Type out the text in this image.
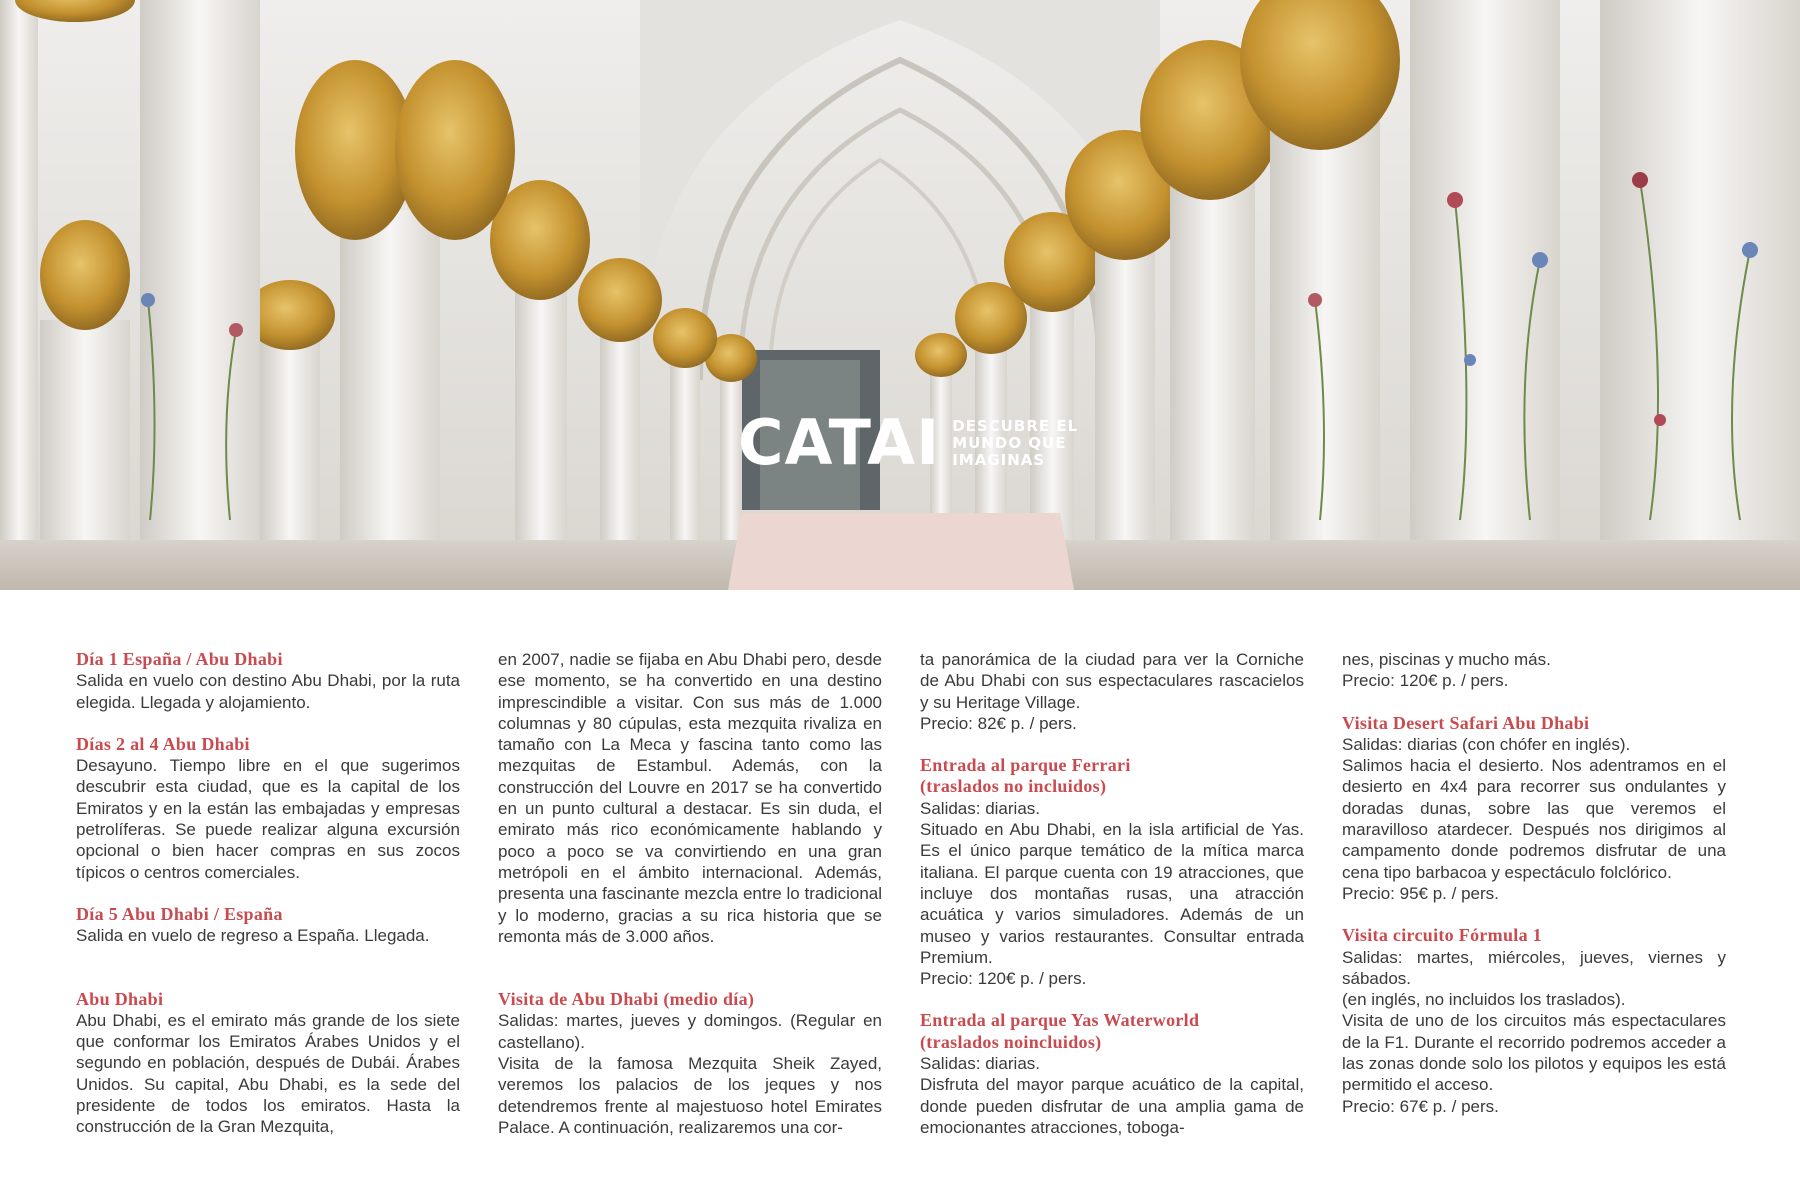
CATAI DESCUBRE EL
MUNDO QUE
IMAGINAS
Día 1 España / Abu Dhabi

Salida en vuelo con destino Abu Dhabi, por la ruta elegida. Llegada y alojamiento.

Días 2 al 4 Abu Dhabi

Desayuno. Tiempo libre en el que sugerimos descubrir esta ciudad, que es la capital de los Emiratos y en la están las embajadas y empresas petrolíferas. Se puede realizar alguna excursión opcional o bien hacer compras en sus zocos típicos o centros comerciales.

Día 5 Abu Dhabi / España

Salida en vuelo de regreso a España. Llegada.

Abu Dhabi

Abu Dhabi, es el emirato más grande de los siete que conformar los Emiratos Árabes Unidos y el segundo en población, después de Dubái. Árabes Unidos. Su capital, Abu Dhabi, es la sede del presidente de todos los emiratos. Hasta la construcción de la Gran Mezquita,

en 2007, nadie se fijaba en Abu Dhabi pero, desde ese momento, se ha convertido en una destino imprescindible a visitar. Con sus más de 1.000 columnas y 80 cúpulas, esta mezquita rivaliza en tamaño con La Meca y fascina tanto como las mezquitas de Estambul. Además, con la construcción del Louvre en 2017 se ha convertido en un punto cultural a destacar. Es sin duda, el emirato más rico económicamente hablando y poco a poco se va convirtiendo en una gran metrópoli en el ámbito internacional. Además, presenta una fascinante mezcla entre lo tradicional y lo moderno, gracias a su rica historia que se remonta más de 3.000 años.

Visita de Abu Dhabi (medio día)

Salidas: martes, jueves y domingos. (Regular en castellano).

Visita de la famosa Mezquita Sheik Zayed, veremos los palacios de los jeques y nos detendremos frente al majestuoso hotel Emirates Palace. A continuación, realizaremos una cor-

ta panorámica de la ciudad para ver la Corniche de Abu Dhabi con sus espectaculares rascacielos y su Heritage Village.

Precio: 82€ p. / pers.

Entrada al parque Ferrari
(traslados no incluidos)

Salidas: diarias.

Situado en Abu Dhabi, en la isla artificial de Yas. Es el único parque temático de la mítica marca italiana. El parque cuenta con 19 atracciones, que incluye dos montañas rusas, una atracción acuática y varios simuladores. Además de un museo y varios restaurantes. Consultar entrada Premium.

Precio: 120€ p. / pers.

Entrada al parque Yas Waterworld
(traslados noincluidos)

Salidas: diarias.

Disfruta del mayor parque acuático de la capital, donde pueden disfrutar de una amplia gama de emocionantes atracciones, tobogа-

nes, piscinas y mucho más.

Precio: 120€ p. / pers.

Visita Desert Safari Abu Dhabi

Salidas: diarias (con chófer en inglés).

Salimos hacia el desierto. Nos adentramos en el desierto en 4x4 para recorrer sus ondulantes y doradas dunas, sobre las que veremos el maravilloso atardecer. Después nos dirigimos al campamento donde podremos disfrutar de una cena tipo barbacoa y espectáculo folclórico.

Precio: 95€ p. / pers.

Visita circuito Fórmula 1

Salidas: martes, miércoles, jueves, viernes y sábados.

(en inglés, no incluidos los traslados).

Visita de uno de los circuitos más espectaculares de la F1. Durante el recorrido podremos acceder a las zonas donde solo los pilotos y equipos les está permitido el acceso.

Precio: 67€ p. / pers.
